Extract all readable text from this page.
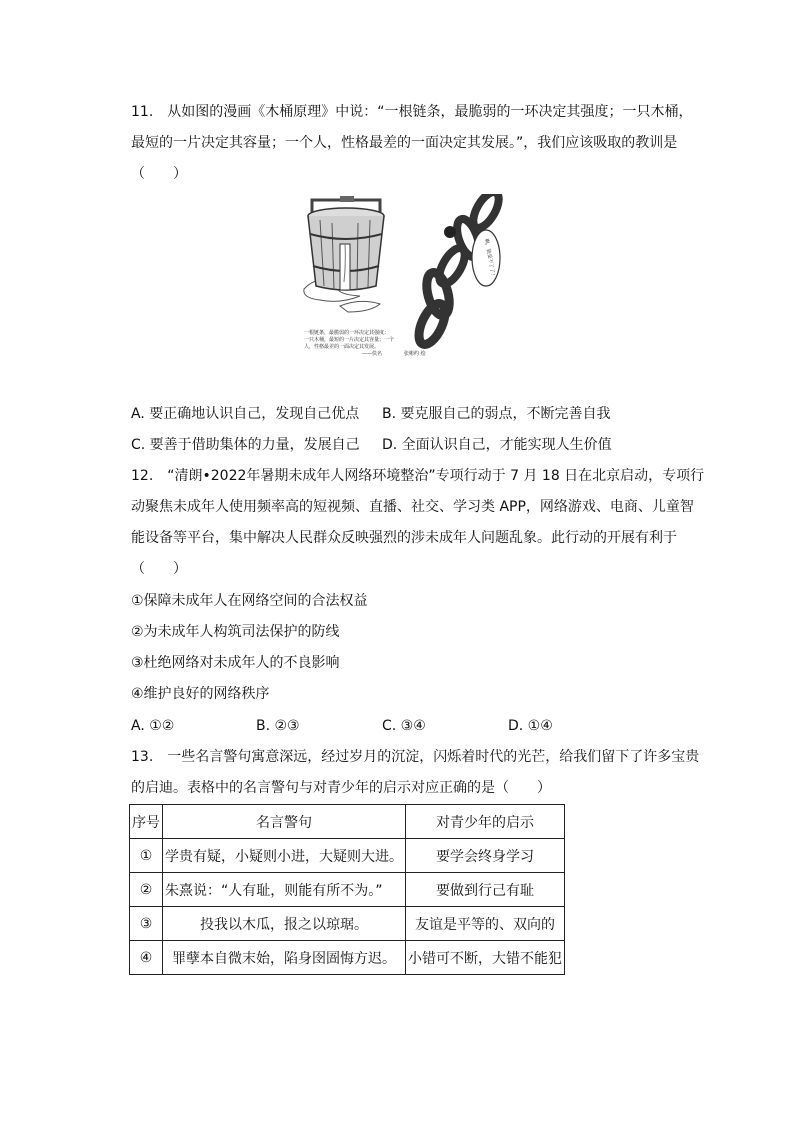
11.　从如图的漫画《木桶原理》中说：“一根链条，最脆弱的一环决定其强度；一只木桶，
最短的一片决定其容量；一个人，性格最差的一面决定其发展。”，我们应该吸取的教训是
（　　）
啊，我受不了了！
一根链条，最脆弱的一环决定其强度；
一只木桶，最短的一片决定其容量；一个
人，性格最差的一面决定其发展。
——佚名	张彬约 绘
A. 要正确地认识自己，发现自己优点 B. 要克服自己的弱点，不断完善自我
C. 要善于借助集体的力量，发展自己 D. 全面认识自己，才能实现人生价值
12.　“清朗•2022年暑期未成年人网络环境整治”专项行动于 7 月 18 日在北京启动，专项行
动聚焦未成年人使用频率高的短视频、直播、社交、学习类 APP，网络游戏、电商、儿童智
能设备等平台，集中解决人民群众反映强烈的涉未成年人问题乱象。此行动的开展有利于
（　　）
①保障未成年人在网络空间的合法权益
②为未成年人构筑司法保护的防线
③杜绝网络对未成年人的不良影响
④维护良好的网络秩序
A. ①②	B. ②③	C. ③④	D. ①④
13.　一些名言警句寓意深远，经过岁月的沉淀，闪烁着时代的光芒，给我们留下了许多宝贵
的启迪。表格中的名言警句与对青少年的启示对应正确的是（　　）
序号	名言警句	对青少年的启示
①	学贵有疑，小疑则小进，大疑则大进。	要学会终身学习
②	朱熹说：“人有耻，则能有所不为。”	要做到行己有耻
③	投我以木瓜，报之以琼琚。	友谊是平等的、双向的
④	罪孽本自微末始，陷身囹圄悔方迟。	小错可不断，大错不能犯
